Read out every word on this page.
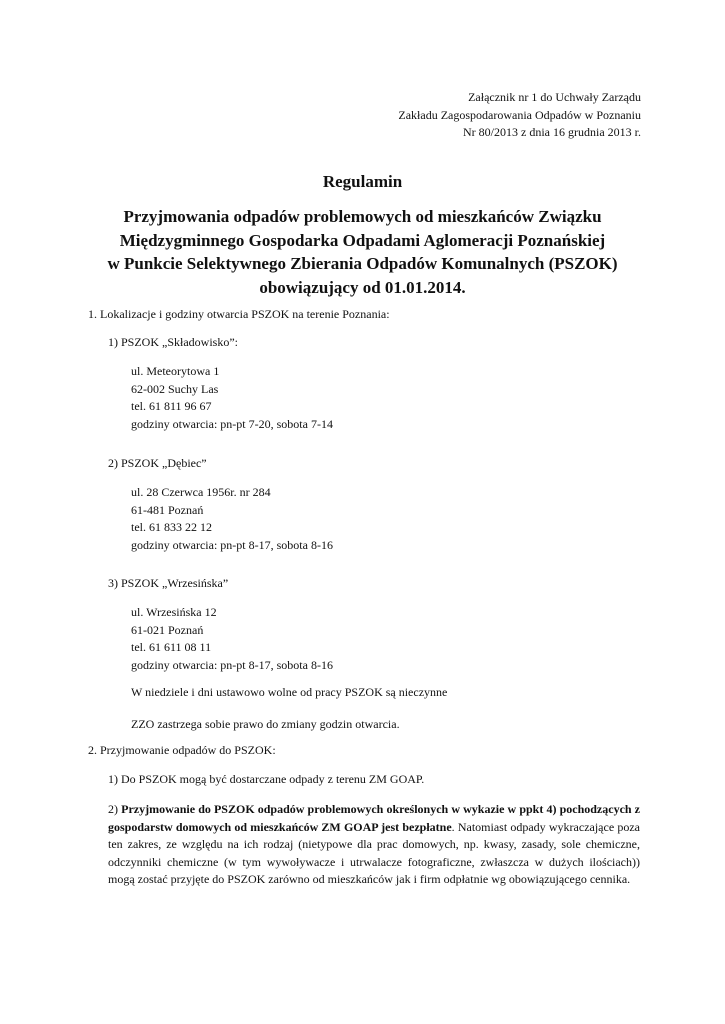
Załącznik nr 1 do Uchwały Zarządu
Zakładu Zagospodarowania Odpadów w Poznaniu
Nr 80/2013 z dnia 16 grudnia 2013 r.
Regulamin
Przyjmowania odpadów problemowych od mieszkańców Związku
Międzygminnego Gospodarka Odpadami Aglomeracji Poznańskiej
w Punkcie Selektywnego Zbierania Odpadów Komunalnych (PSZOK)
obowiązujący od 01.01.2014.
1. Lokalizacje i godziny otwarcia PSZOK na terenie Poznania:
1) PSZOK „Składowisko”:
ul. Meteorytowa 1
62-002 Suchy Las
tel. 61 811 96 67
godziny otwarcia: pn-pt 7-20, sobota 7-14
2) PSZOK „Dębiec”
ul. 28 Czerwca 1956r. nr 284
61-481 Poznań
tel. 61 833 22 12
godziny otwarcia: pn-pt 8-17, sobota 8-16
3) PSZOK „Wrzesińska”
ul. Wrzesińska 12
61-021 Poznań
tel. 61 611 08 11
godziny otwarcia: pn-pt 8-17, sobota 8-16
W niedziele i dni ustawowo wolne od pracy PSZOK są nieczynne
ZZO zastrzega sobie prawo do zmiany godzin otwarcia.
2. Przyjmowanie odpadów do PSZOK:
1) Do PSZOK mogą być dostarczane odpady z terenu ZM GOAP.
2) Przyjmowanie do PSZOK odpadów problemowych określonych w wykazie w ppkt 4) pochodzących z gospodarstw domowych od mieszkańców ZM GOAP jest bezpłatne. Natomiast odpady wykraczające poza ten zakres, ze względu na ich rodzaj (nietypowe dla prac domowych, np. kwasy, zasady, sole chemiczne, odczynniki chemiczne (w tym wywoływacze i utrwalacze fotograficzne, zwłaszcza w dużych ilościach)) mogą zostać przyjęte do PSZOK zarówno od mieszkańców jak i firm odpłatnie wg obowiązującego cennika.
